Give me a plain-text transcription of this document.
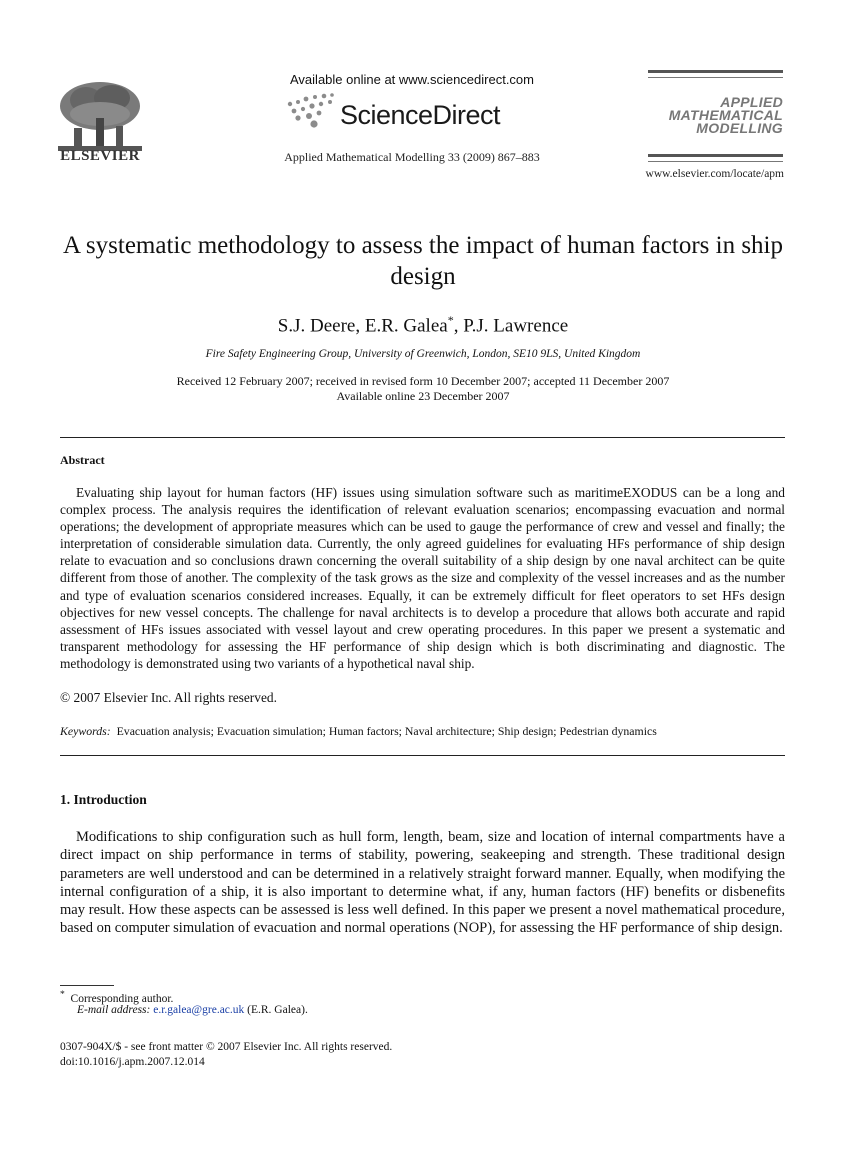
ELSEVIER
Available online at www.sciencedirect.com
ScienceDirect
Applied Mathematical Modelling 33 (2009) 867–883
APPLIED
MATHEMATICAL
MODELLING
www.elsevier.com/locate/apm
A systematic methodology to assess the impact of human factors in ship design
S.J. Deere, E.R. Galea*, P.J. Lawrence
Fire Safety Engineering Group, University of Greenwich, London, SE10 9LS, United Kingdom
Received 12 February 2007; received in revised form 10 December 2007; accepted 11 December 2007
Available online 23 December 2007
Abstract
Evaluating ship layout for human factors (HF) issues using simulation software such as maritimeEXODUS can be a long and complex process. The analysis requires the identification of relevant evaluation scenarios; encompassing evacuation and normal operations; the development of appropriate measures which can be used to gauge the performance of crew and vessel and finally; the interpretation of considerable simulation data. Currently, the only agreed guidelines for evaluating HFs performance of ship design relate to evacuation and so conclusions drawn concerning the overall suitability of a ship design by one naval architect can be quite different from those of another. The complexity of the task grows as the size and complexity of the vessel increases and as the number and type of evaluation scenarios considered increases. Equally, it can be extremely difficult for fleet operators to set HFs design objectives for new vessel concepts. The challenge for naval architects is to develop a procedure that allows both accurate and rapid assessment of HFs issues associated with vessel layout and crew operating procedures. In this paper we present a systematic and transparent methodology for assessing the HF performance of ship design which is both discriminating and diagnostic. The methodology is demonstrated using two variants of a hypothetical naval ship.
© 2007 Elsevier Inc. All rights reserved.
Keywords: Evacuation analysis; Evacuation simulation; Human factors; Naval architecture; Ship design; Pedestrian dynamics
1. Introduction
Modifications to ship configuration such as hull form, length, beam, size and location of internal compartments have a direct impact on ship performance in terms of stability, powering, seakeeping and strength. These traditional design parameters are well understood and can be determined in a relatively straight forward manner. Equally, when modifying the internal configuration of a ship, it is also important to determine what, if any, human factors (HF) benefits or disbenefits may result. How these aspects can be assessed is less well defined. In this paper we present a novel mathematical procedure, based on computer simulation of evacuation and normal operations (NOP), for assessing the HF performance of ship design.
* Corresponding author.
E-mail address: e.r.galea@gre.ac.uk (E.R. Galea).
0307-904X/$ - see front matter © 2007 Elsevier Inc. All rights reserved.
doi:10.1016/j.apm.2007.12.014
